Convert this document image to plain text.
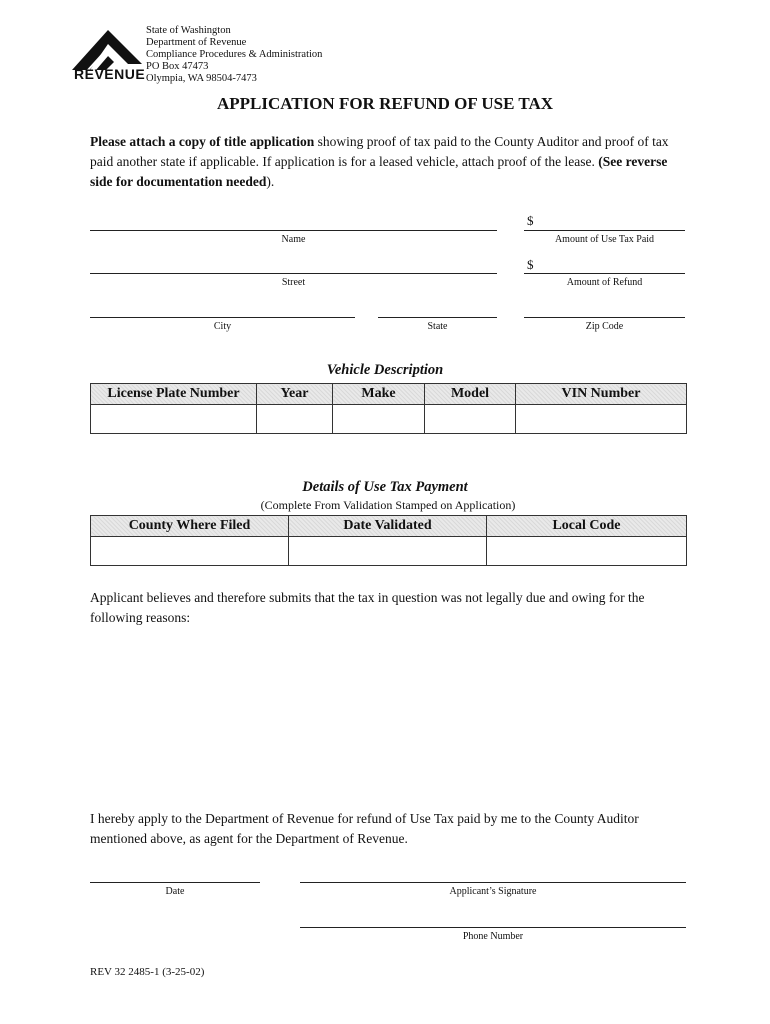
REVENUE
State of Washington
Department of Revenue
Compliance Procedures & Administration
PO Box 47473
Olympia, WA 98504-7473
APPLICATION FOR REFUND OF USE TAX
Please attach a copy of title application showing proof of tax paid to the County Auditor and proof of tax paid another state if applicable. If application is for a leased vehicle, attach proof of the lease. (See reverse side for documentation needed).
Name
$
Amount of Use Tax Paid
Street
$
Amount of Refund
City	State	Zip Code
Vehicle Description
License Plate Number	Year	Make	Model	VIN Number

Details of Use Tax Payment
(Complete From Validation Stamped on Application)
County Where Filed	Date Validated	Local Code

Applicant believes and therefore submits that the tax in question was not legally due and owing for the following reasons:
I hereby apply to the Department of Revenue for refund of Use Tax paid by me to the County Auditor mentioned above, as agent for the Department of Revenue.
Date	Applicant’s Signature
Phone Number
REV 32 2485-1 (3-25-02)
